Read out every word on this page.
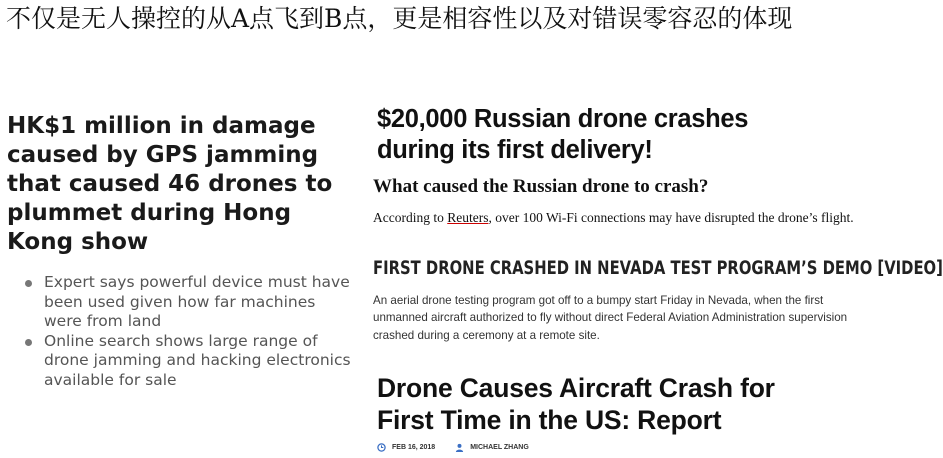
不仅是无人操控的从A点飞到B点，更是相容性以及对错误零容忍的体现
HK$1 million in damage caused by GPS jamming that caused 46 drones to plummet during Hong Kong show
Expert says powerful device must have been used given how far machines were from land
Online search shows large range of drone jamming and hacking electronics available for sale
$20,000 Russian drone crashes during its first delivery!
What caused the Russian drone to crash?
According to Reuters, over 100 Wi-Fi connections may have disrupted the drone’s flight.
FIRST DRONE CRASHED IN NEVADA TEST PROGRAM’S DEMO [VIDEO]
An aerial drone testing program got off to a bumpy start Friday in Nevada, when the first
unmanned aircraft authorized to fly without direct Federal Aviation Administration supervision
crashed during a ceremony at a remote site.
Drone Causes Aircraft Crash for First Time in the US: Report
FEB 16, 2018	MICHAEL ZHANG
